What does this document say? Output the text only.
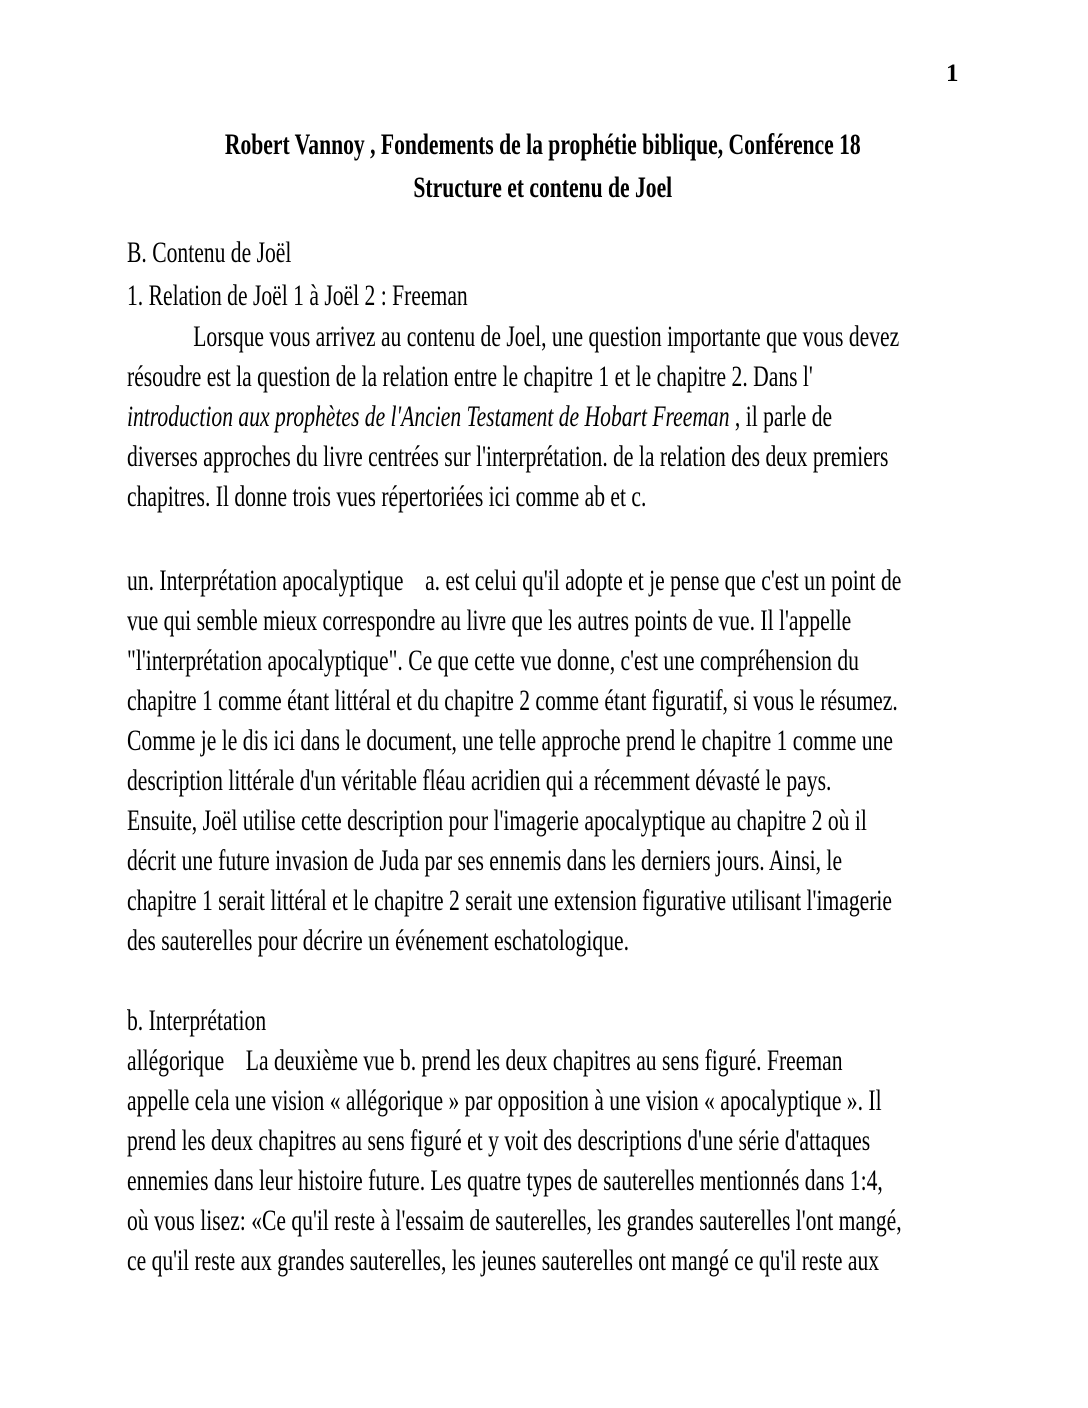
1
Robert Vannoy , Fondements de la prophétie biblique, Conférence 18
Structure et contenu de Joel
B. Contenu de Joël
1. Relation de Joël 1 à Joël 2 : Freeman
Lorsque vous arrivez au contenu de Joel, une question importante que vous devez
résoudre est la question de la relation entre le chapitre 1 et le chapitre 2. Dans l'
introduction aux prophètes de l'Ancien Testament de Hobart Freeman , il parle de
diverses approches du livre centrées sur l'interprétation. de la relation des deux premiers
chapitres. Il donne trois vues répertoriées ici comme ab et c.
un. Interprétation apocalyptique    a. est celui qu'il adopte et je pense que c'est un point de
vue qui semble mieux correspondre au livre que les autres points de vue. Il l'appelle
"l'interprétation apocalyptique". Ce que cette vue donne, c'est une compréhension du
chapitre 1 comme étant littéral et du chapitre 2 comme étant figuratif, si vous le résumez.
Comme je le dis ici dans le document, une telle approche prend le chapitre 1 comme une
description littérale d'un véritable fléau acridien qui a récemment dévasté le pays.
Ensuite, Joël utilise cette description pour l'imagerie apocalyptique au chapitre 2 où il
décrit une future invasion de Juda par ses ennemis dans les derniers jours. Ainsi, le
chapitre 1 serait littéral et le chapitre 2 serait une extension figurative utilisant l'imagerie
des sauterelles pour décrire un événement eschatologique.
b. Interprétation
allégorique    La deuxième vue b. prend les deux chapitres au sens figuré. Freeman
appelle cela une vision « allégorique » par opposition à une vision « apocalyptique ». Il
prend les deux chapitres au sens figuré et y voit des descriptions d'une série d'attaques
ennemies dans leur histoire future. Les quatre types de sauterelles mentionnés dans 1:4,
où vous lisez: «Ce qu'il reste à l'essaim de sauterelles, les grandes sauterelles l'ont mangé,
ce qu'il reste aux grandes sauterelles, les jeunes sauterelles ont mangé ce qu'il reste aux
